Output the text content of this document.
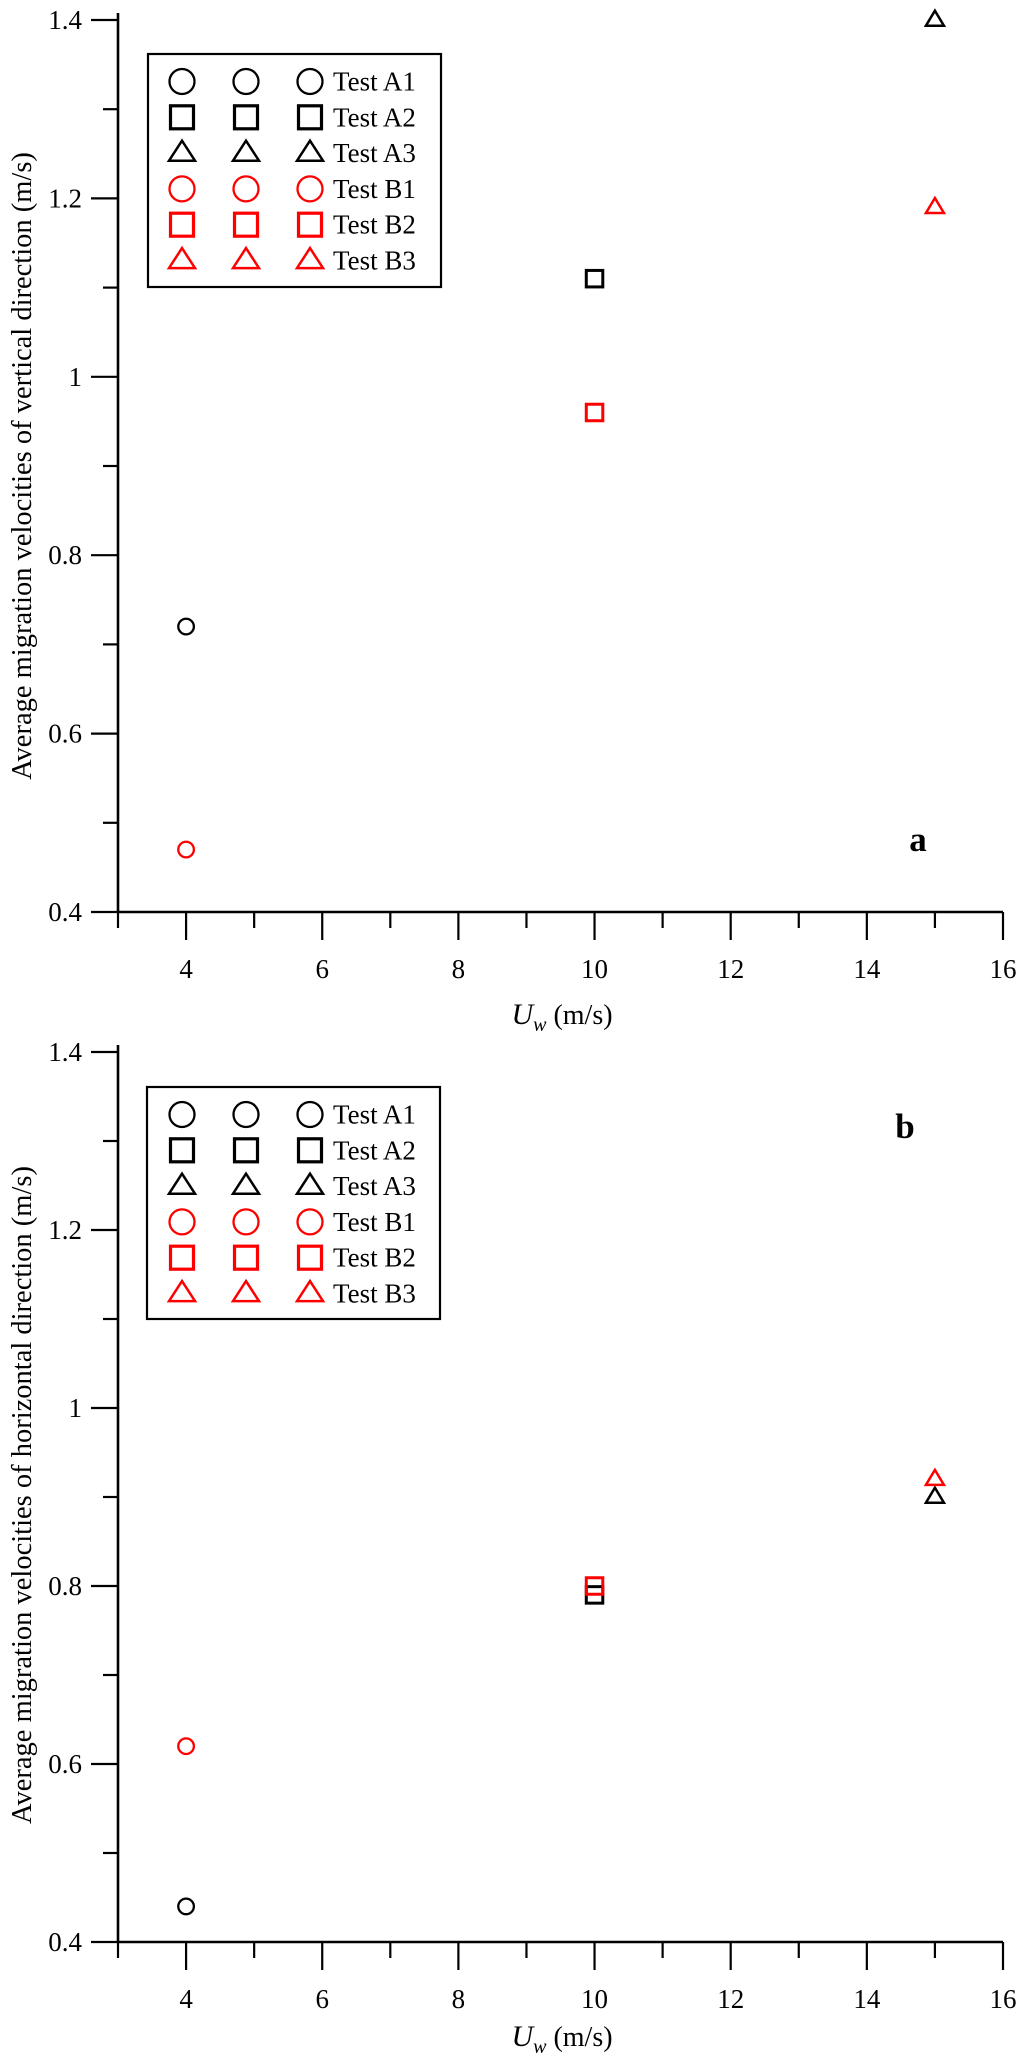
0.4
0.6
0.8
1
1.2
1.4
4	6	8	10	12	14	16
Average migration velocities of vertical direction (m/s)
Uw (m/s)
Test A1
Test A2
Test A3
Test B1
Test B2
Test B3
a
0.4
0.6
0.8
1
1.2
1.4
4	6	8	10	12	14	16
Average migration velocities of horizontal direction (m/s)
Uw (m/s)
Test A1
Test A2
Test A3
Test B1
Test B2
Test B3
b
